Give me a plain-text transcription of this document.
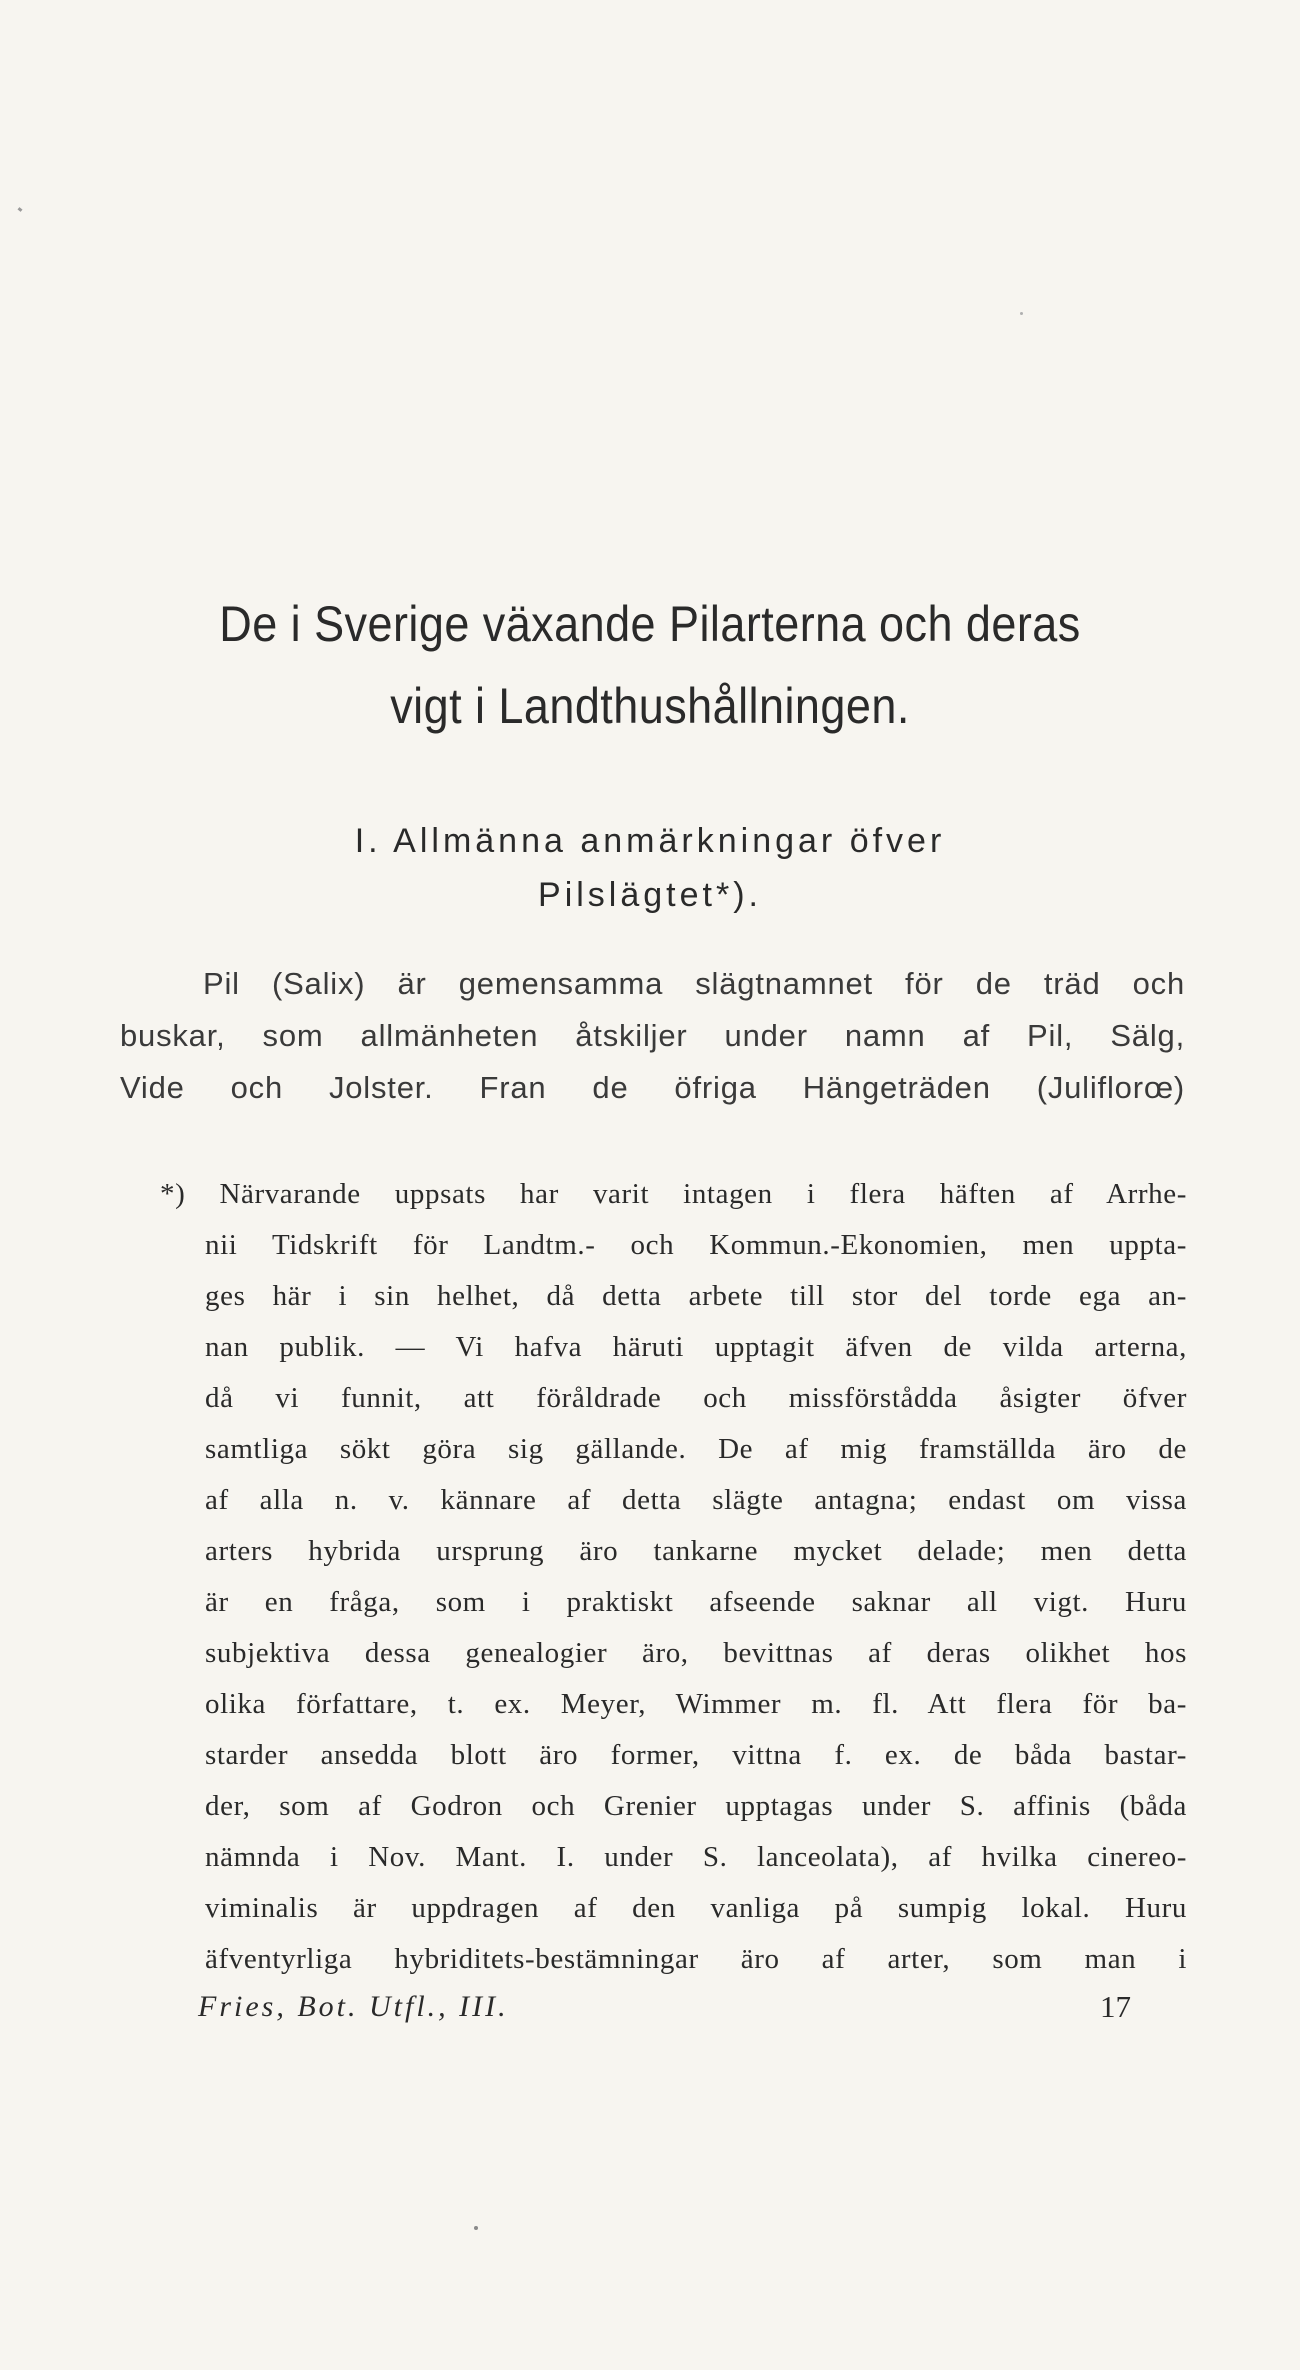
De i Sverige växande Pilarterna och deras
vigt i Landthushållningen.
I. Allmänna anmärkningar öfver
Pilslägtet*).
Pil (Salix) är gemensamma slägtnamnet för de träd och
buskar, som allmänheten åtskiljer under namn af Pil, Sälg,
Vide och Jolster. Fran de öfriga Hängeträden (Juliflorœ)
*) Närvarande uppsats har varit intagen i flera häften af Arrhe-
nii Tidskrift för Landtm.- och Kommun.-Ekonomien, men uppta-
ges här i sin helhet, då detta arbete till stor del torde ega an-
nan publik. — Vi hafva häruti upptagit äfven de vilda arterna,
då vi funnit, att föråldrade och missförstådda åsigter öfver
samtliga sökt göra sig gällande. De af mig framställda äro de
af alla n. v. kännare af detta slägte antagna; endast om vissa
arters hybrida ursprung äro tankarne mycket delade; men detta
är en fråga, som i praktiskt afseende saknar all vigt. Huru
subjektiva dessa genealogier äro, bevittnas af deras olikhet hos
olika författare, t. ex. Meyer, Wimmer m. fl. Att flera för ba-
starder ansedda blott äro former, vittna f. ex. de båda bastar-
der, som af Godron och Grenier upptagas under S. affinis (båda
nämnda i Nov. Mant. I. under S. lanceolata), af hvilka cinereo-
viminalis är uppdragen af den vanliga på sumpig lokal. Huru
äfventyrliga hybriditets-bestämningar äro af arter, som man i
Fries, Bot. Utfl., III.	17
